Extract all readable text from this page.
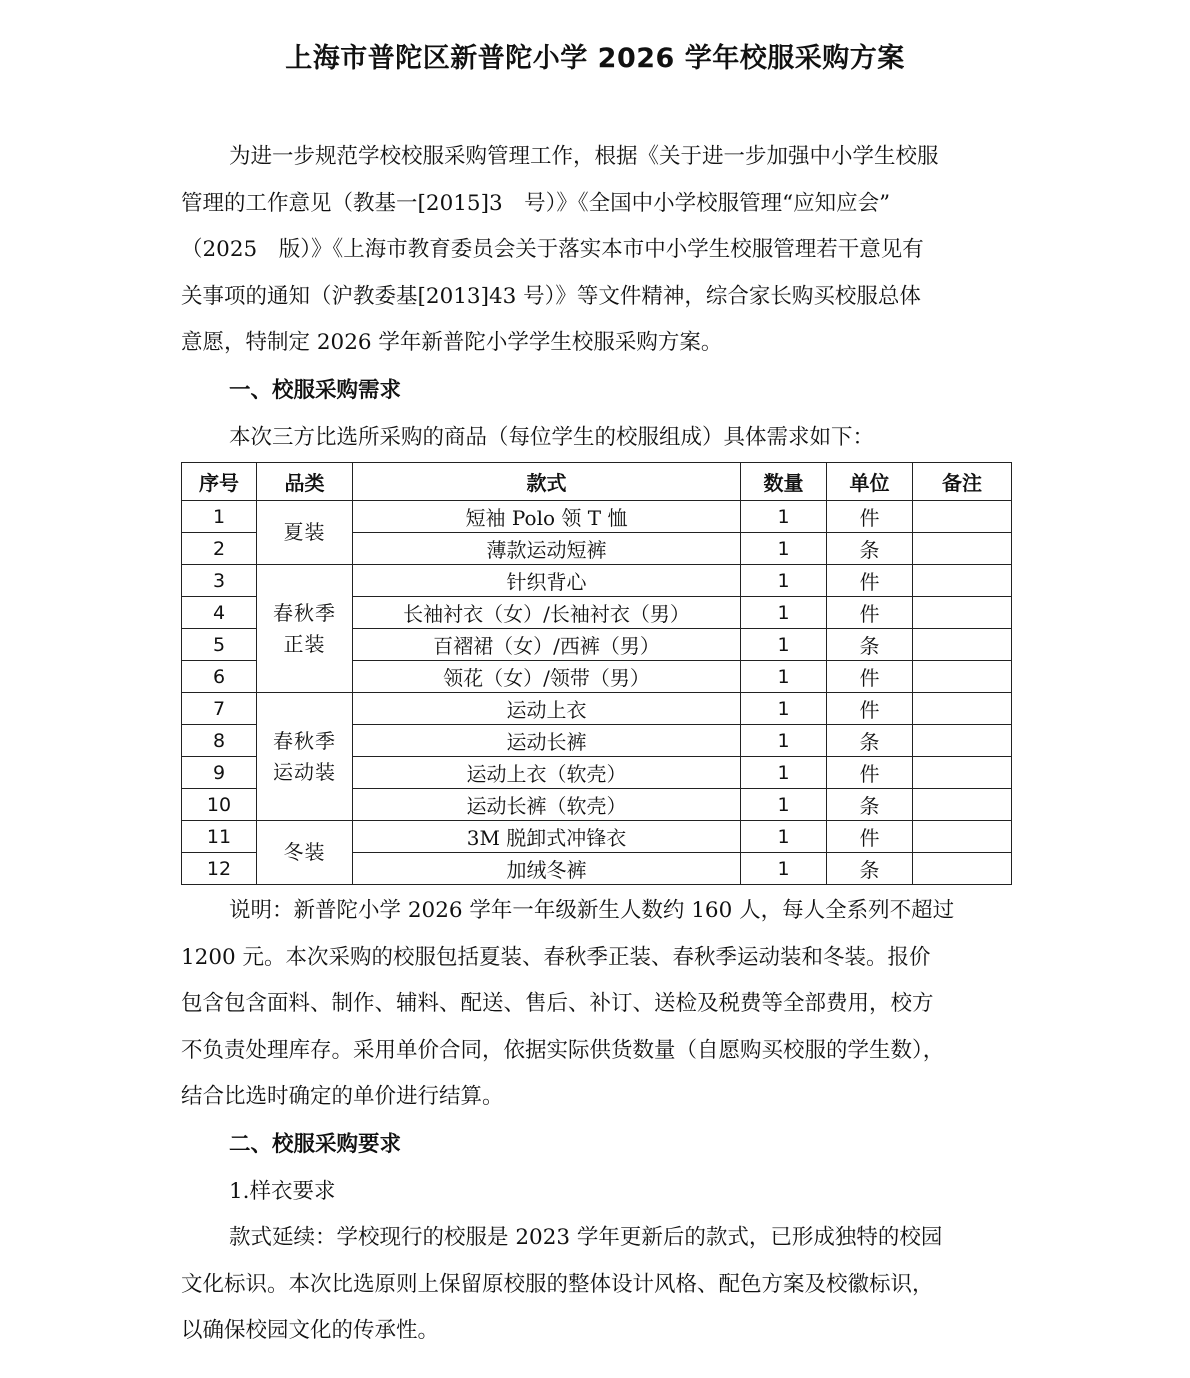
上海市普陀区新普陀小学 2026 学年校服采购方案
为进一步规范学校校服采购管理工作，根据《关于进一步加强中小学生校服
管理的工作意见（教基一[2015]3　号）》《全国中小学校服管理“应知应会”
（2025　版）》《上海市教育委员会关于落实本市中小学生校服管理若干意见有
关事项的通知（沪教委基[2013]43 号）》等文件精神，综合家长购买校服总体
意愿，特制定 2026 学年新普陀小学学生校服采购方案。
一、校服采购需求
本次三方比选所采购的商品（每位学生的校服组成）具体需求如下：
序号	品类	款式	数量	单位	备注
1	夏装	短袖 Polo 领 T 恤	1	件	
2		薄款运动短裤	1	条	
3	春秋季
正装	针织背心	1	件	
4		长袖衬衣（女）/长袖衬衣（男）	1	件	
5		百褶裙（女）/西裤（男）	1	条	
6		领花（女）/领带（男）	1	件	
7	春秋季
运动装	运动上衣	1	件	
8		运动长裤	1	条	
9		运动上衣（软壳）	1	件	
10		运动长裤（软壳）	1	条	
11	冬装	3M 脱卸式冲锋衣	1	件	
12		加绒冬裤	1	条	
说明：新普陀小学 2026 学年一年级新生人数约 160 人，每人全系列不超过
1200 元。本次采购的校服包括夏装、春秋季正装、春秋季运动装和冬装。报价
包含包含面料、制作、辅料、配送、售后、补订、送检及税费等全部费用，校方
不负责处理库存。采用单价合同，依据实际供货数量（自愿购买校服的学生数），
结合比选时确定的单价进行结算。
二、校服采购要求
1.样衣要求
款式延续：学校现行的校服是 2023 学年更新后的款式，已形成独特的校园
文化标识。本次比选原则上保留原校服的整体设计风格、配色方案及校徽标识，
以确保校园文化的传承性。
